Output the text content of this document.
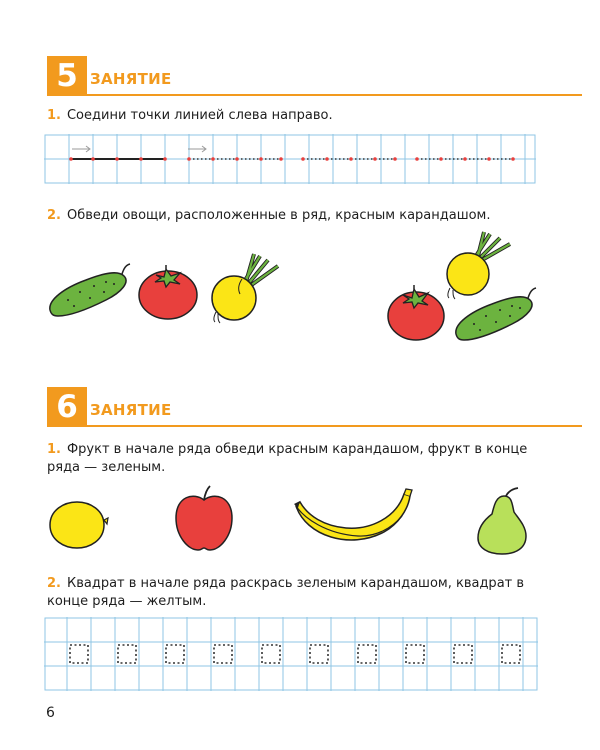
5 ЗАНЯТИЕ
1. Соедини точки линией слева направо.
2. Обведи овощи, расположенные в ряд, красным карандашом.
6 ЗАНЯТИЕ
1. Фрукт в начале ряда обведи красным карандашом, фрукт в конце ряда — зеленым.
2. Квадрат в начале ряда раскрась зеленым карандашом, квадрат в конце ряда — желтым.
6
